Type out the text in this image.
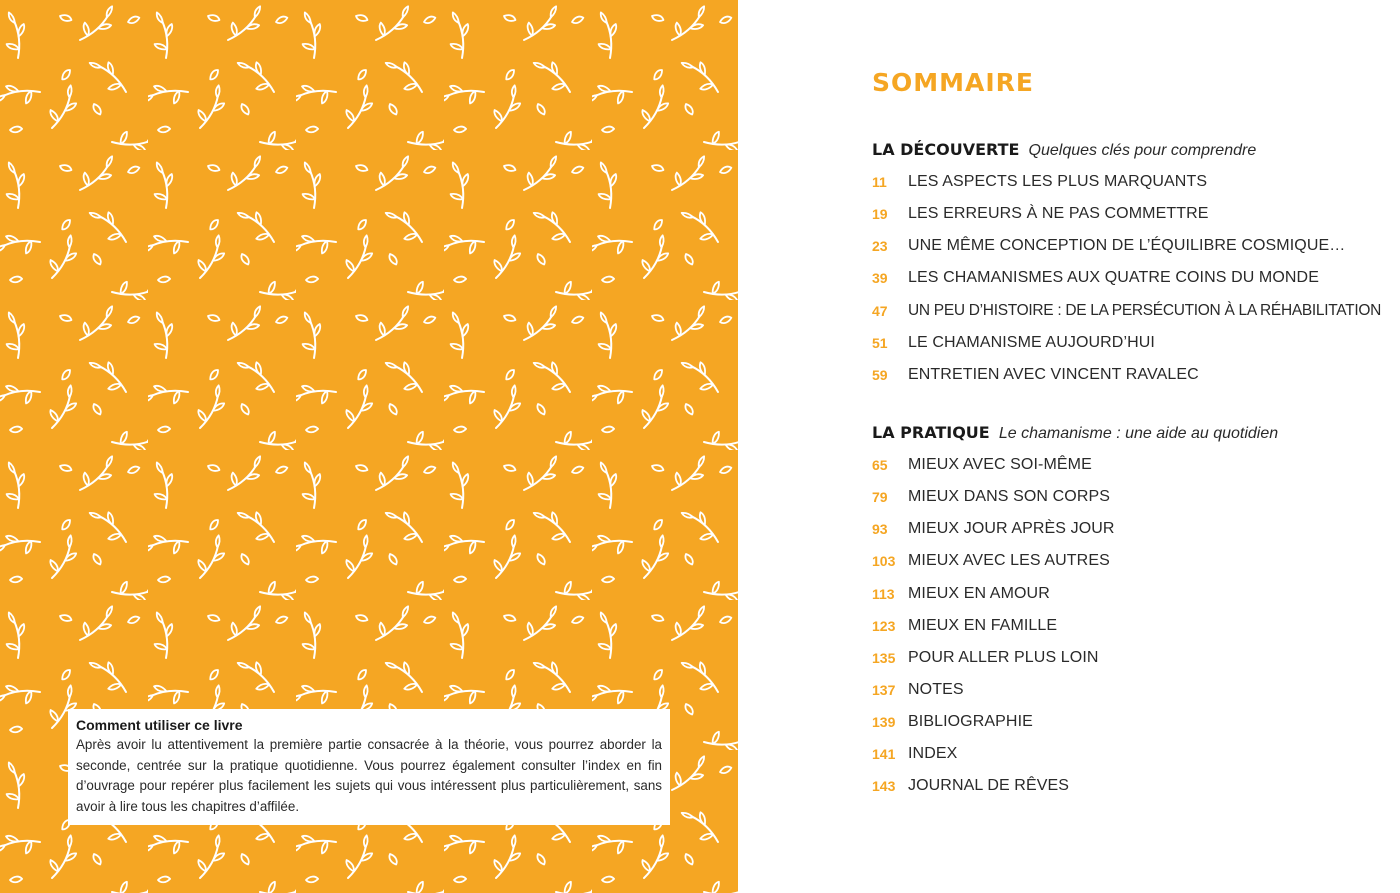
Comment utiliser ce livre
Après avoir lu attentivement la première partie consacrée à la théorie, vous pourrez aborder la seconde, centrée sur la pratique quotidienne. Vous pourrez également consulter l’index en fin d’ouvrage pour repérer plus facilement les sujets qui vous intéressent plus particulièrement, sans avoir à lire tous les chapitres d’affilée.
SOMMAIRE
LA DÉCOUVERTE Quelques clés pour comprendre
11	LES ASPECTS LES PLUS MARQUANTS
19	LES ERREURS À NE PAS COMMETTRE
23	UNE MÊME CONCEPTION DE L’ÉQUILIBRE COSMIQUE…
39	LES CHAMANISMES AUX QUATRE COINS DU MONDE
47	UN PEU D’HISTOIRE : DE LA PERSÉCUTION À LA RÉHABILITATION
51	LE CHAMANISME AUJOURD’HUI
59	ENTRETIEN AVEC VINCENT RAVALEC
LA PRATIQUE Le chamanisme : une aide au quotidien
65	MIEUX AVEC SOI-MÊME
79	MIEUX DANS SON CORPS
93	MIEUX JOUR APRÈS JOUR
103 MIEUX AVEC LES AUTRES
113 MIEUX EN AMOUR
123 MIEUX EN FAMILLE
135 POUR ALLER PLUS LOIN
137 NOTES
139 BIBLIOGRAPHIE
141 INDEX
143 JOURNAL DE RÊVES
